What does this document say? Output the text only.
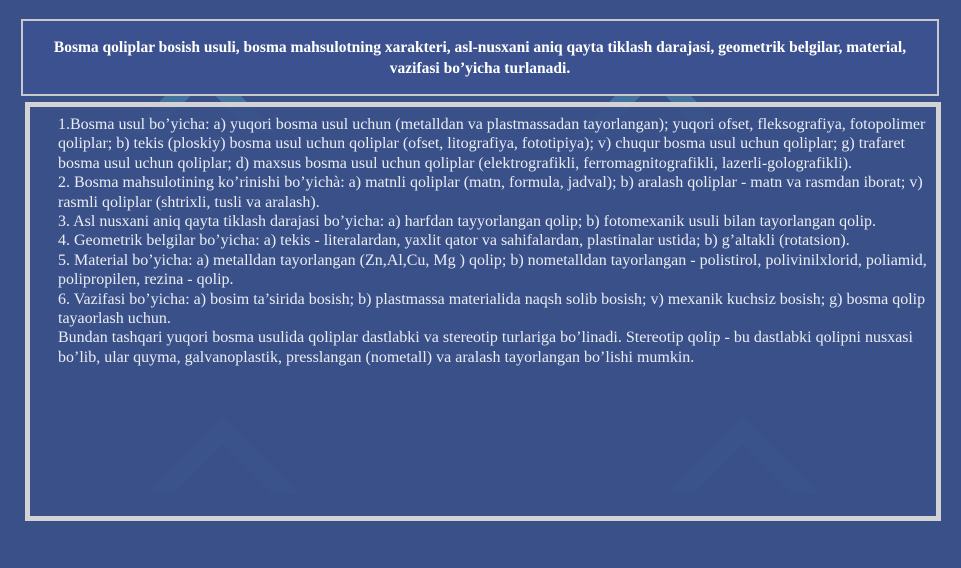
Bosma qoliplar bosish usuli, bosma mahsulotning xarakteri, asl-nusxani aniq qayta tiklash darajasi, geometrik belgilar, material, vazifasi bo’yicha turlanadi.

1.Bosma usul bo’yicha: a) yuqori bosma usul uchun (metalldan va plastmassadan tayorlangan); yuqori ofset, fleksografiya, fotopolimer qoliplar; b) tekis (ploskiy) bosma usul uchun qoliplar (ofset, litografiya, fototipiya); v) chuqur bosma usul uchun qoliplar; g) trafaret bosma usul uchun qoliplar; d) maxsus bosma usul uchun qoliplar (elektrografikli, ferromagnitografikli, lazerli-golografikli).

2. Bosma mahsulotining ko’rinishi bo’yichà: a) matnli qoliplar (matn, formula, jadval); b) aralash qoliplar - matn va rasmdan iborat; v) rasmli qoliplar (shtrixli, tusli va aralash).

3. Asl nusxani aniq qayta tiklash darajasi bo’yicha: a) harfdan tayyorlangan qolip; b) fotomexanik usuli bilan tayorlangan qolip.

4. Geometrik belgilar bo’yicha: a) tekis - literalardan, yaxlit qator va sahifalardan, plastinalar ustida; b) g’altakli (rotatsion).

5. Material bo’yicha: a) metalldan tayorlangan (Zn,Al,Cu, Mg ) qolip; b) nometalldan tayorlangan - polistirol, polivinilxlorid, poliamid, polipropilen, rezina - qolip.

6. Vazifasi bo’yicha: a) bosim ta’sirida bosish; b) plastmassa materialida naqsh solib bosish; v) mexanik kuchsiz bosish; g) bosma qolip tayaorlash uchun.

Bundan tashqari yuqori bosma usulida qoliplar dastlabki va stereotip turlariga bo’linadi. Stereotip qolip - bu dastlabki qolipni nusxasi bo’lib, ular quyma, galvanoplastik, presslangan (nometall) va aralash tayorlangan bo’lishi mumkin.
